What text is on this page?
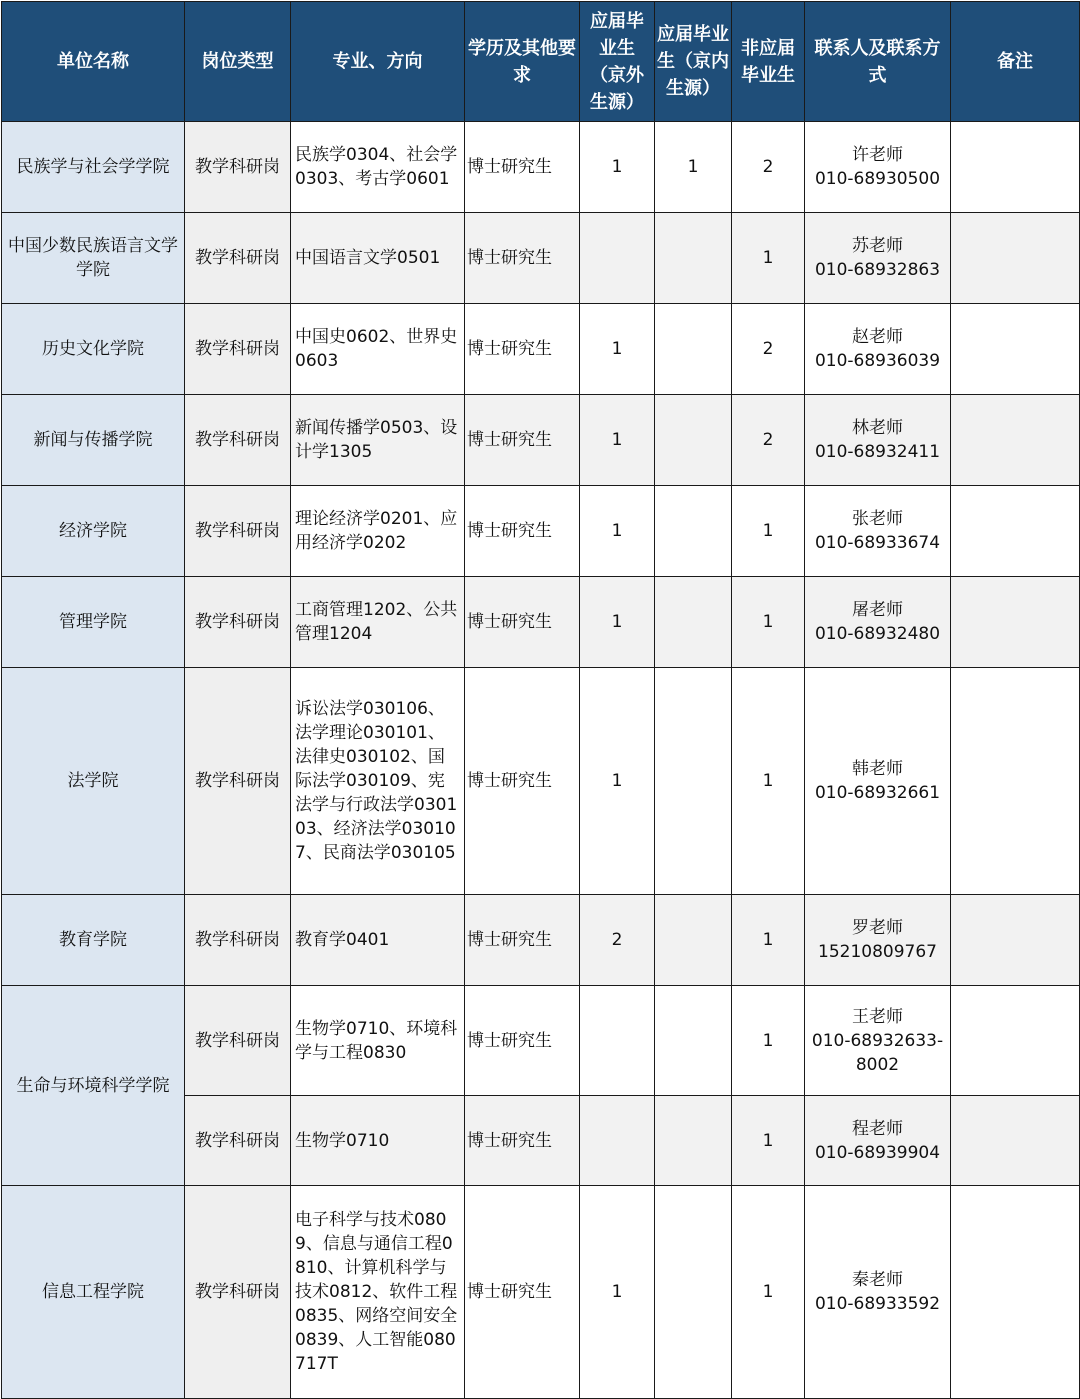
单位名称	岗位类型	专业、方向	学历及其他要求	应届毕业生（京外生源）	应届毕业生（京内生源）	非应届毕业生	联系人及联系方式	备注
民族学与社会学学院	教学科研岗	民族学0304、社会学0303、考古学0601	博士研究生	1	1	2	许老师
010-68930500	

中国少数民族语言文学学院	教学科研岗	中国语言文学0501	博士研究生			1	苏老师
010-68932863	

历史文化学院	教学科研岗	中国史0602、世界史0603	博士研究生	1		2	赵老师
010-68936039	

新闻与传播学院	教学科研岗	新闻传播学0503、设计学1305	博士研究生	1		2	林老师
010-68932411	

经济学院	教学科研岗	理论经济学0201、应用经济学0202	博士研究生	1		1	张老师
010-68933674	

管理学院	教学科研岗	工商管理1202、公共管理1204	博士研究生	1		1	屠老师
010-68932480	

法学院	教学科研岗	诉讼法学030106、法学理论030101、法律史030102、国际法学030109、宪法学与行政法学030103、经济法学030107、民商法学030105	博士研究生	1		1	韩老师
010-68932661	

教育学院	教学科研岗	教育学0401	博士研究生	2		1	罗老师
15210809767	

生命与环境科学学院	教学科研岗	生物学0710、环境科学与工程0830	博士研究生			1	王老师
010-68932633-8002	

	教学科研岗	生物学0710	博士研究生			1	程老师
010-68939904	

信息工程学院	教学科研岗	电子科学与技术0809、信息与通信工程0810、计算机科学与技术0812、软件工程0835、网络空间安全0839、人工智能080717T	博士研究生	1		1	秦老师
010-68933592	
